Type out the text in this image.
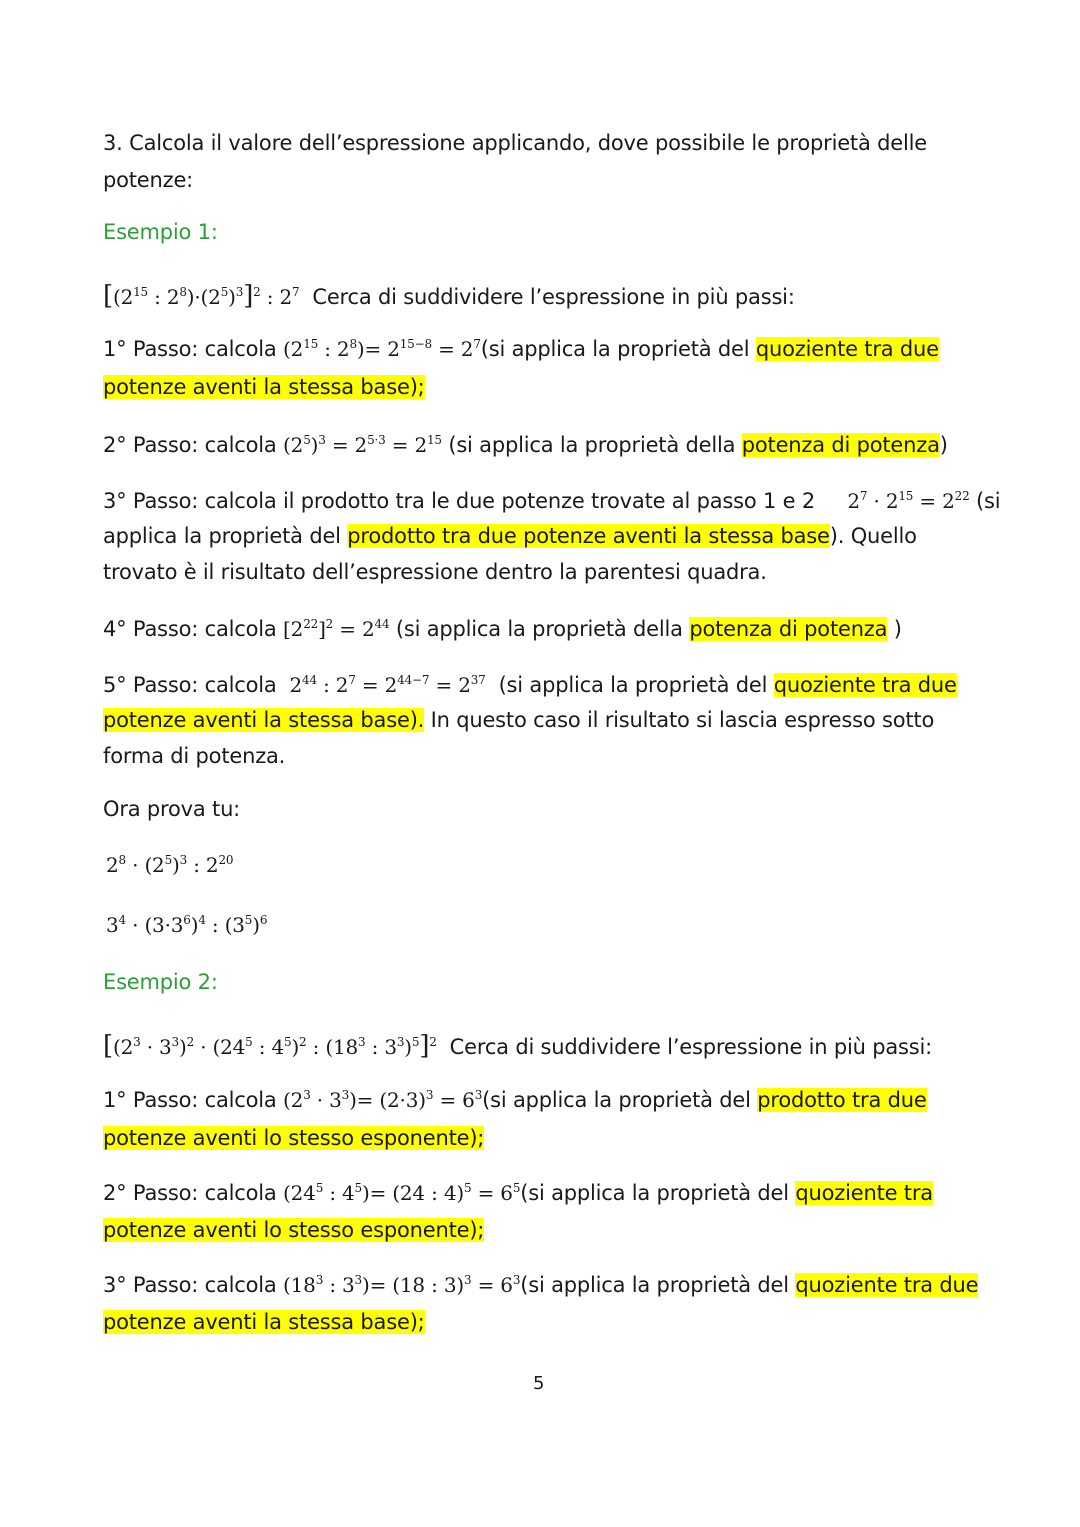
3. Calcola il valore dell’espressione applicando, dove possibile le proprietà delle
potenze:
Esempio 1:
[($2^{15}$ : $2^8)\cdot(2^5)^3]^2$ : $2^7$ Cerca di suddividere l’espressione in più passi:
1° Passo: calcola ($2^{15}$ : $2^8)= 2^{15-8} = 2^7(si$ applica la proprietà del quoziente tra due
potenze aventi la stessa base);
2° Passo: calcola $(2^5)^3 = 2^{5\cdot 3} = 2^{15}$ (si applica la proprietà della potenza di potenza)
3° Passo: calcola il prodotto tra le due potenze trovate al passo 1 e 2 $2^7 \cdot 2^{15} = 2^{22}$ (si
applica la proprietà del prodotto tra due potenze aventi la stessa base). Quello
trovato è il risultato dell’espressione dentro la parentesi quadra.
4° Passo: calcola $[2^{22}]^2 = 2^{44}$ (si applica la proprietà della potenza di potenza )
5° Passo: calcola $2^{44}$ : $2^7 = 2^{44-7} = 2^{37}$ (si applica la proprietà del quoziente tra due
potenze aventi la stessa base). In questo caso il risultato si lascia espresso sotto
forma di potenza.
Ora prova tu:
$2^8 \cdot (2^5)^3$ : $2^{20}$
$3^4 \cdot (3\cdot 3^6)^4$ : $(3^5)^6$
Esempio 2:
[$(2^3 \cdot 3^3)^2 \cdot (24^5$ : $4^5)^2$ : ($18^3$ : $3^3)^5]^2$ Cerca di suddividere l’espressione in più passi:
1° Passo: calcola $(2^3 \cdot 3^3)= (2\cdot 3)^3 = 6^3(si$ applica la proprietà del prodotto tra due
potenze aventi lo stesso esponente);
2° Passo: calcola ($24^5$ : $4^5)= (24$ : $4)^5 = 6^5(si$ applica la proprietà del quoziente tra
potenze aventi lo stesso esponente);
3° Passo: calcola ($18^3$ : $3^3)= (18$ : $3)^3 = 6^3(si$ applica la proprietà del quoziente tra due
potenze aventi la stessa base);
5
